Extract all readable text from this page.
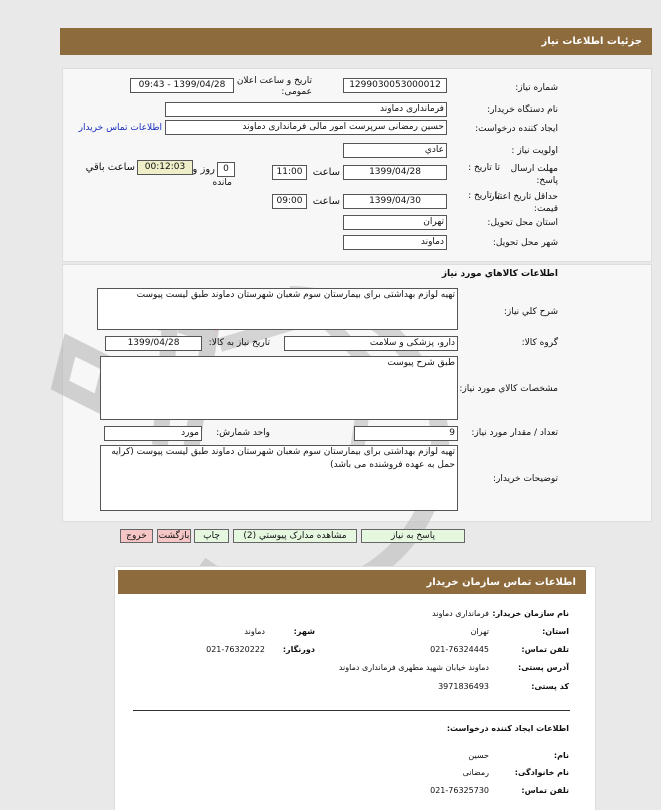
جزئیات اطلاعات نیاز
شماره نیاز:
1299030053000012
تاریخ و ساعت اعلان عمومی:
1399/04/28 - 09:43
نام دستگاه خریدار:
فرمانداری دماوند
ایجاد کننده درخواست:
حسین رمضانی سرپرست امور مالی فرمانداری دماوند
اطلاعات تماس خریدار
اولویت نیاز :
عادي
مهلت ارسال پاسخ:
تا تاریخ :
1399/04/28
ساعت
11:00
0
روز و
00:12:03
ساعت باقي
مانده
حداقل تاریخ اعتبار قیمت:
تا تاریخ :
1399/04/30
ساعت
09:00
استان محل تحویل:
تهران
شهر محل تحویل:
دماوند
اطلاعات کالاهاي مورد نیاز
شرح کلي نیاز:
تهیه لوازم بهداشتی برای بیمارستان سوم شعبان شهرستان دماوند طبق لیست پیوست
گروه کالا:
دارو، پزشکی و سلامت
تاریخ نیاز به کالا:
1399/04/28
مشخصات کالاي مورد نیاز:
طبق شرح پیوست
تعداد / مقدار مورد نیاز:
9
واحد شمارش:
مورد
توضیحات خریدار:
تهیه لوازم بهداشتی برای بیمارستان سوم شعبان شهرستان دماوند طبق لیست پیوست (کرایه حمل به عهده فروشنده می باشد)
پاسخ به نیاز
مشاهده مدارک پیوستي (2)
چاپ
بازگشت
خروج
اطلاعات تماس سازمان خریدار
نام سازمان خریدار:
فرمانداری دماوند
استان:
تهران
شهر:
دماوند
تلفن تماس:
021-76324445
دورنگار:
021-76320222
آدرس پستی:
دماوند خیابان شهید مطهری فرمانداری دماوند
کد پستی:
3971836493
اطلاعات ایجاد کننده درخواست:
نام:
حسین
نام خانوادگی:
رمضانی
تلفن تماس:
021-76325730
